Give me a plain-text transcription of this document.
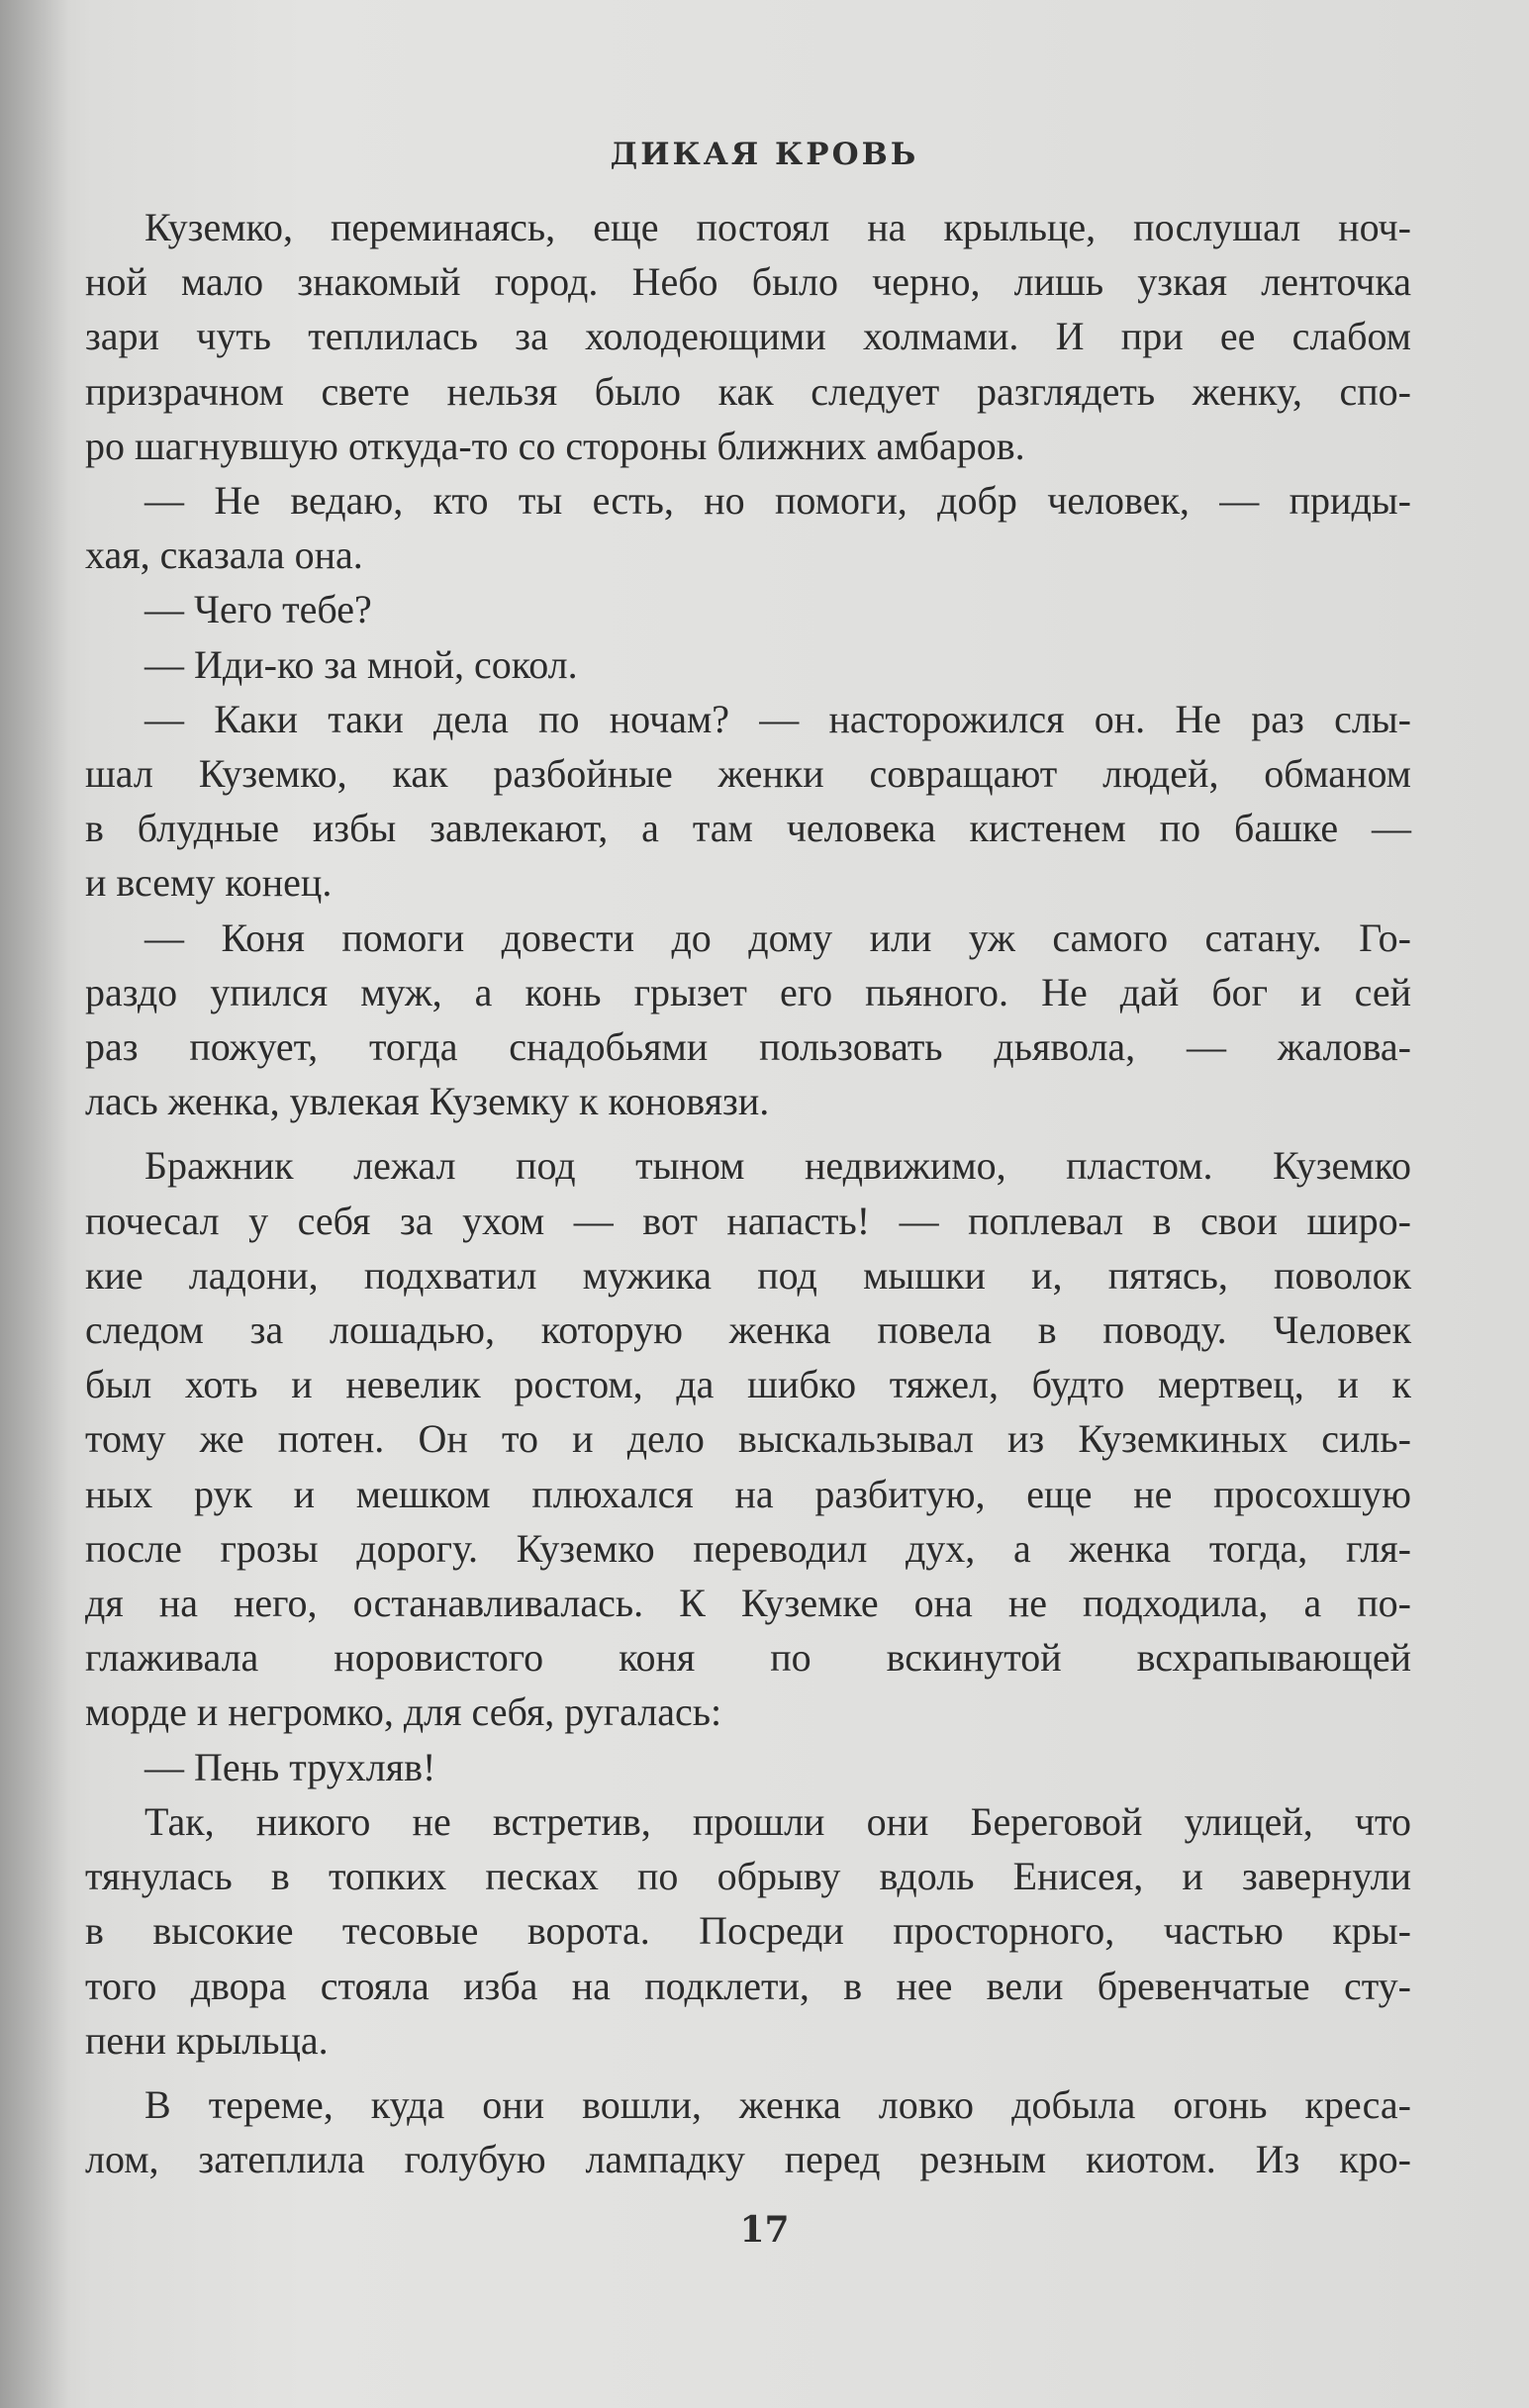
ДИКАЯ КРОВЬ
Куземко, переминаясь, еще постоял на крыльце, послушал ноч-
ной мало знакомый город. Небо было черно, лишь узкая ленточка
зари чуть теплилась за холодеющими холмами. И при ее слабом
призрачном свете нельзя было как следует разглядеть женку, спо-
ро шагнувшую откуда-то со стороны ближних амбаров.
— Не ведаю, кто ты есть, но помоги, добр человек, — приды-
хая, сказала она.
— Чего тебе?
— Иди-ко за мной, сокол.
— Каки таки дела по ночам? — насторожился он. Не раз слы-
шал Куземко, как разбойные женки совращают людей, обманом
в блудные избы завлекают, а там человека кистенем по башке —
и всему конец.
— Коня помоги довести до дому или уж самого сатану. Го-
раздо упился муж, а конь грызет его пьяного. Не дай бог и сей
раз пожует, тогда снадобьями пользовать дьявола, — жалова-
лась женка, увлекая Куземку к коновязи.
Бражник лежал под тыном недвижимо, пластом. Куземко
почесал у себя за ухом — вот напасть! — поплевал в свои широ-
кие ладони, подхватил мужика под мышки и, пятясь, поволок
следом за лошадью, которую женка повела в поводу. Человек
был хоть и невелик ростом, да шибко тяжел, будто мертвец, и к
тому же потен. Он то и дело выскальзывал из Куземкиных силь-
ных рук и мешком плюхался на разбитую, еще не просохшую
после грозы дорогу. Куземко переводил дух, а женка тогда, гля-
дя на него, останавливалась. К Куземке она не подходила, а по-
глаживала норовистого коня по вскинутой всхрапывающей
морде и негромко, для себя, ругалась:
— Пень трухляв!
Так, никого не встретив, прошли они Береговой улицей, что
тянулась в топких песках по обрыву вдоль Енисея, и завернули
в высокие тесовые ворота. Посреди просторного, частью кры-
того двора стояла изба на подклети, в нее вели бревенчатые сту-
пени крыльца.
В тереме, куда они вошли, женка ловко добыла огонь креса-
лом, затеплила голубую лампадку перед резным киотом. Из кро-
17
